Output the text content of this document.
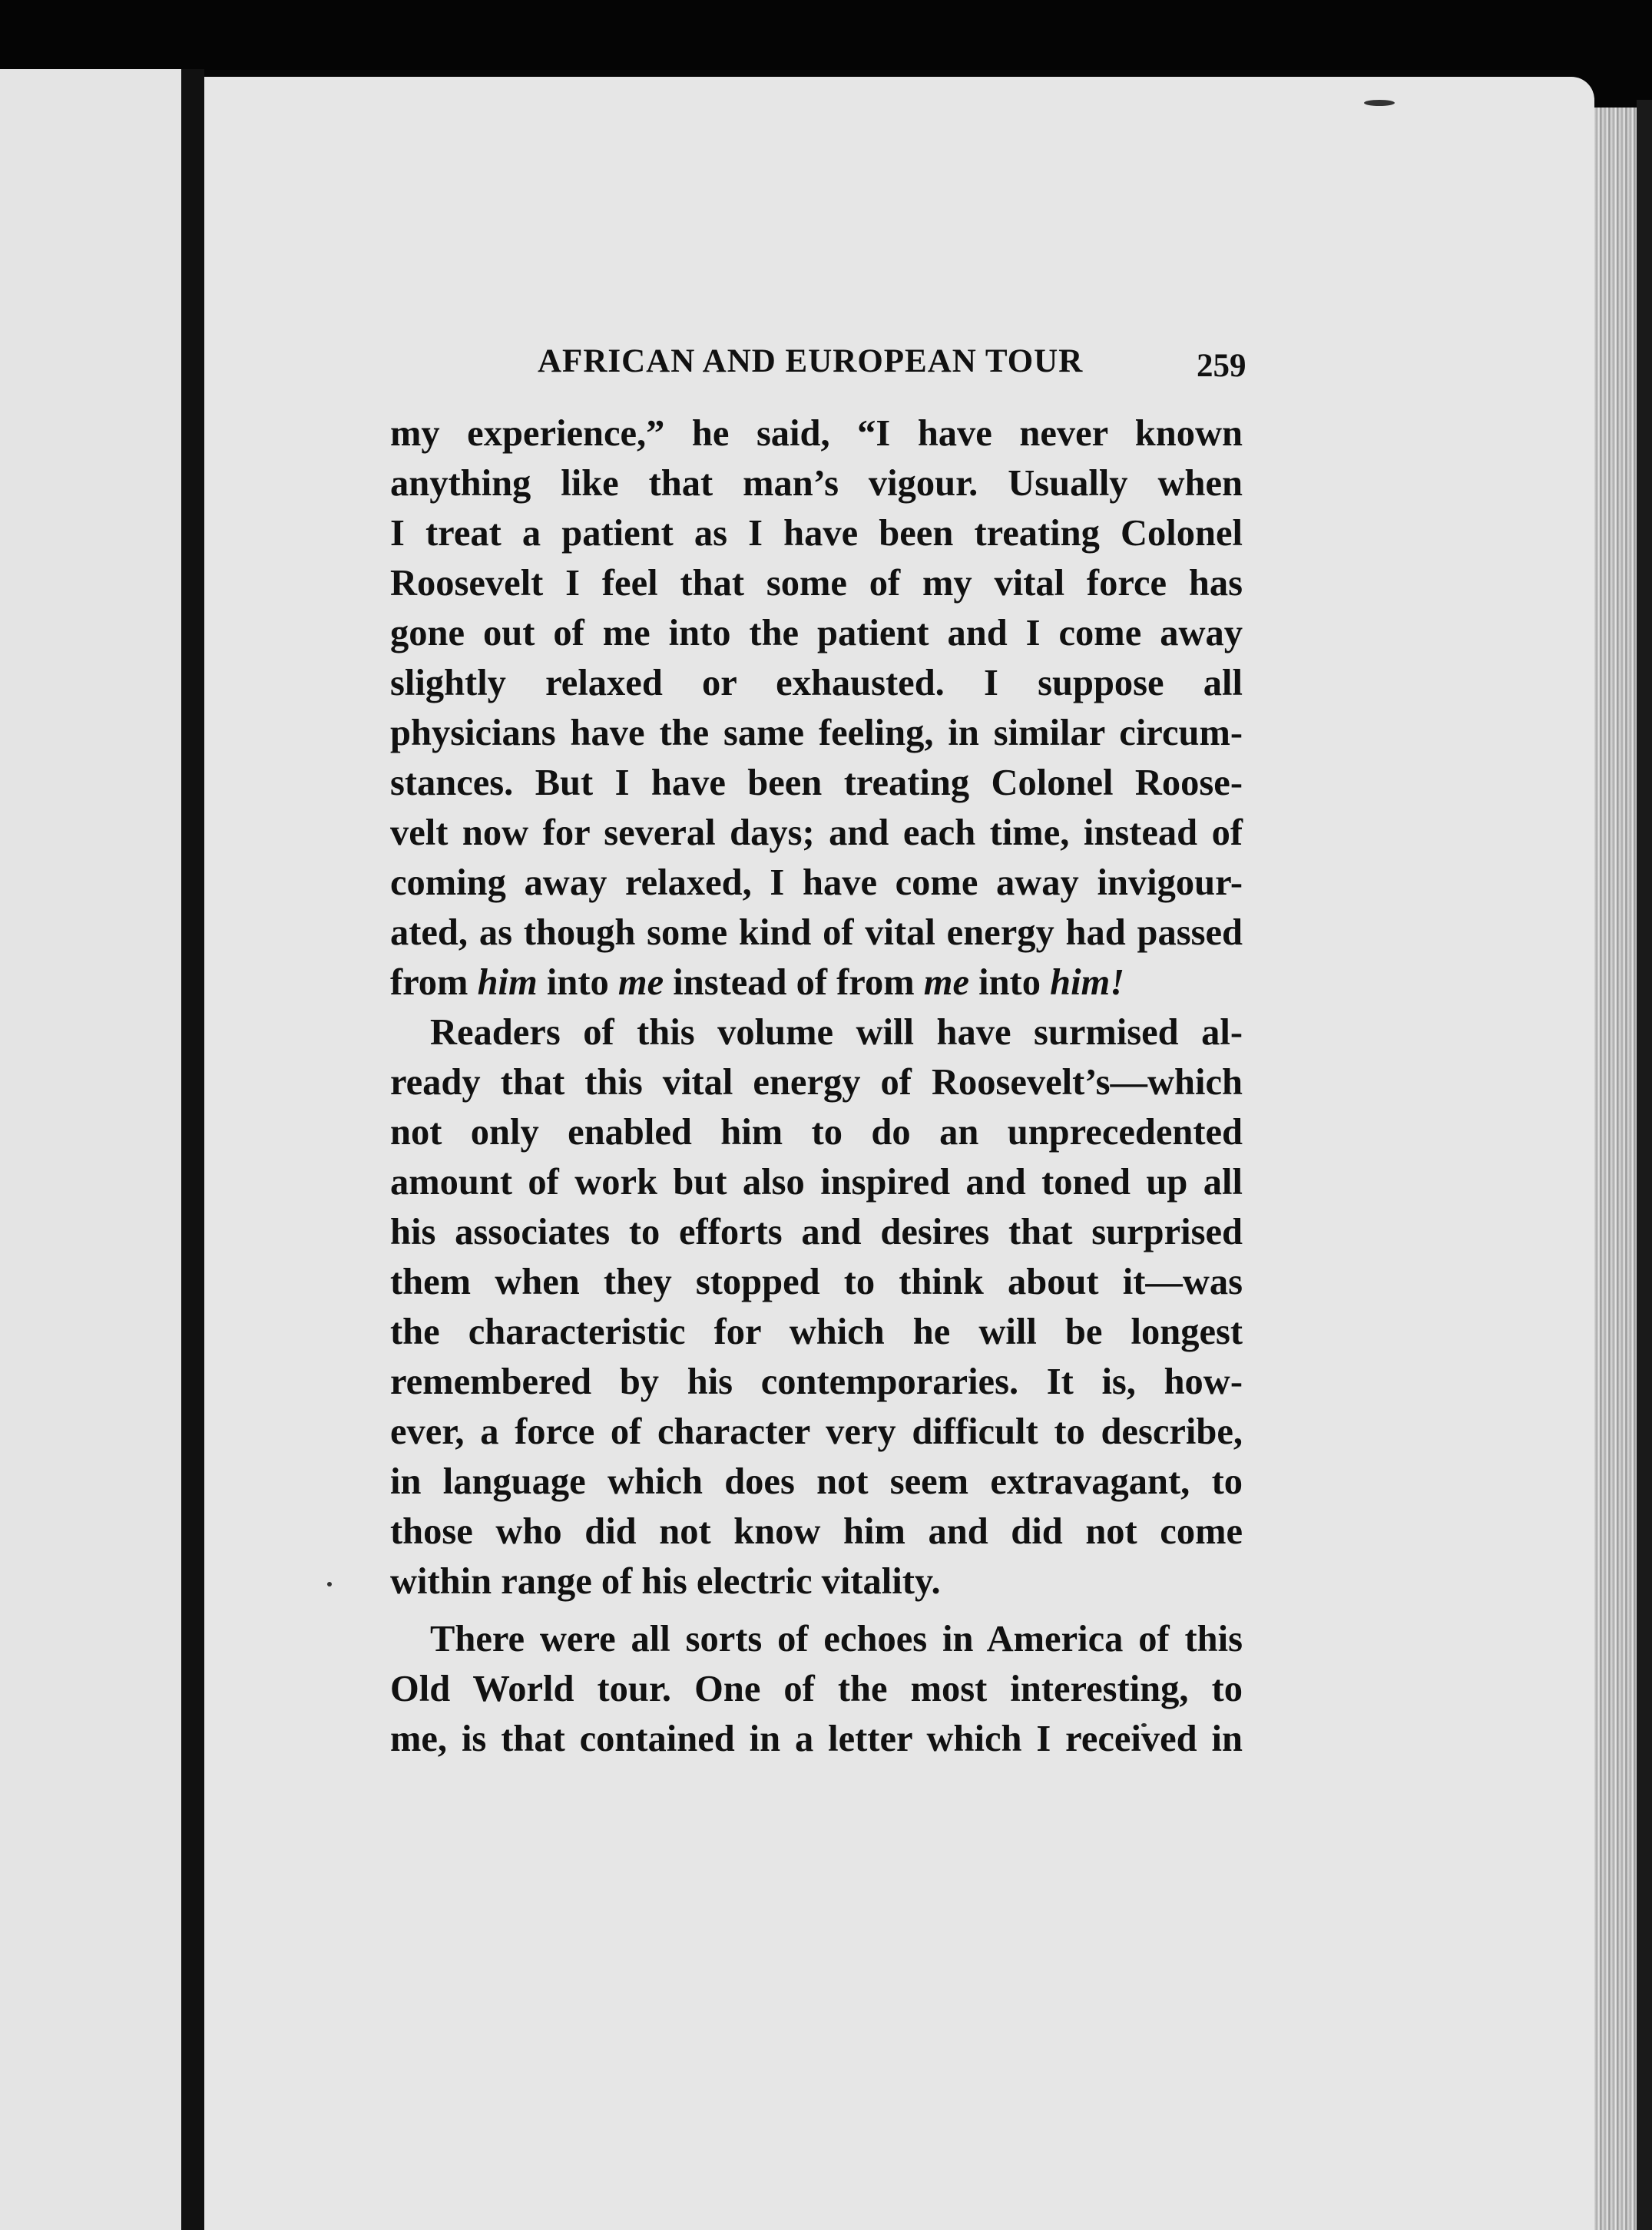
AFRICAN AND EUROPEAN TOUR	259
my experience,” he said, “I have never known
anything like that man’s vigour. Usually when
I treat a patient as I have been treating Colonel
Roosevelt I feel that some of my vital force has
gone out of me into the patient and I come away
slightly relaxed or exhausted. I suppose all
physicians have the same feeling, in similar circum-
stances. But I have been treating Colonel Roose-
velt now for several days; and each time, instead of
coming away relaxed, I have come away invigour-
ated, as though some kind of vital energy had passed
from him into me instead of from me into him!
Readers of this volume will have surmised al-
ready that this vital energy of Roosevelt’s—which
not only enabled him to do an unprecedented
amount of work but also inspired and toned up all
his associates to efforts and desires that surprised
them when they stopped to think about it—was
the characteristic for which he will be longest
remembered by his contemporaries. It is, how-
ever, a force of character very difficult to describe,
in language which does not seem extravagant, to
those who did not know him and did not come
within range of his electric vitality.
There were all sorts of echoes in America of this
Old World tour. One of the most interesting, to
me, is that contained in a letter which I received in
